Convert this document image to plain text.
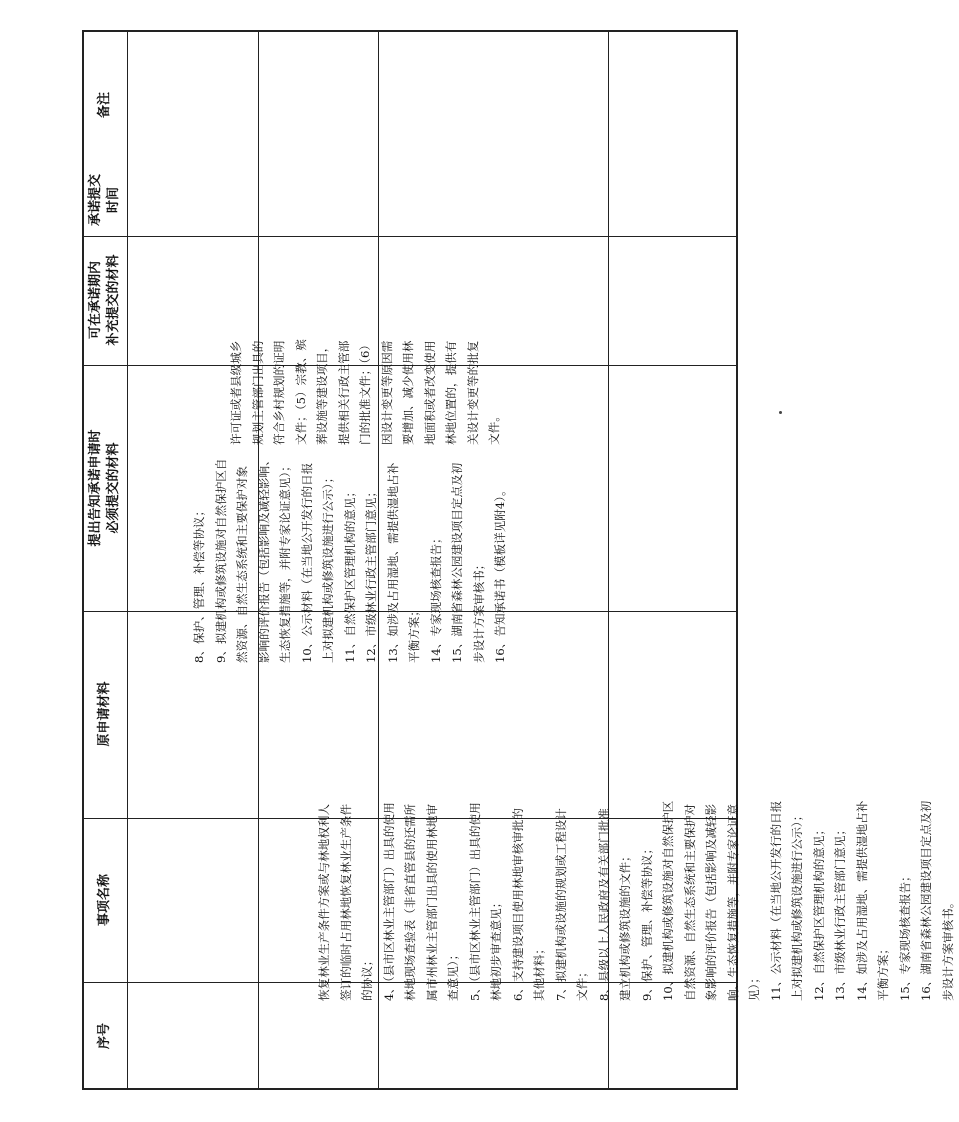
序号
事项名称
原申请材料
提出告知承诺申请时 必须提交的材料
可在承诺期内 补充提交的材料
承诺提交 时间
备注
恢复林业生产条件方案或与林地权利人 签订的临时占用林地恢复林业生产条件 的协议； 4、（县市区林业主管部门）出具的使用 林地现场查验表（非省直管县的还需所 属市州林业主管部门出具的使用林地审 查意见）； 5、（县市区林业主管部门）出具的使用 林地初步审查意见； 6、支持建设项目使用林地审核审批的 其他材料； 7、拟建机构或设施的规划或工程设计 文件； 8、县级以上人民政府及有关部门批准 建立机构或修筑设施的文件； 9、保护、管理、补偿等协议； 10、拟建机构或修筑设施对自然保护区 自然资源、自然生态系统和主要保护对 象影响的评价报告（包括影响及减轻影 响、生态恢复措施等，并附专家论证意 见）； 11、公示材料（在当地公开发行的日报 上对拟建机构或修筑设施进行公示）； 12、自然保护区管理机构的意见； 13、市级林业行政主管部门意见； 14、如涉及占用湿地、需提供湿地占补 平衡方案； 15、专家现场核查报告； 16、湖南省森林公园建设项目定点及初 步设计方案审核书。
8、保护、管理、补偿等协议； 9、拟建机构或修筑设施对自然保护区自 然资源、自然生态系统和主要保护对象 影响的评价报告（包括影响及减轻影响、 生态恢复措施等，并附专家论证意见）； 10、公示材料（在当地公开发行的日报 上对拟建机构或修筑设施进行公示）； 11、自然保护区管理机构的意见； 12、市级林业行政主管部门意见； 13、如涉及占用湿地、需提供湿地占补 平衡方案； 14、专家现场核查报告； 15、湖南省森林公园建设项目定点及初 步设计方案审核书； 16、告知承诺书（模板详见附4）。
许可证或者县级城乡 规划主管部门出具的 符合乡村规划的证明 文件；（5）宗教、殡 葬设施等建设项目， 提供相关行政主管部 门的批准文件；（6） 因设计变更等原因需 要增加、减少使用林 地面积或者改变使用 林地位置的，提供有 关设计变更等的批复 文件。
